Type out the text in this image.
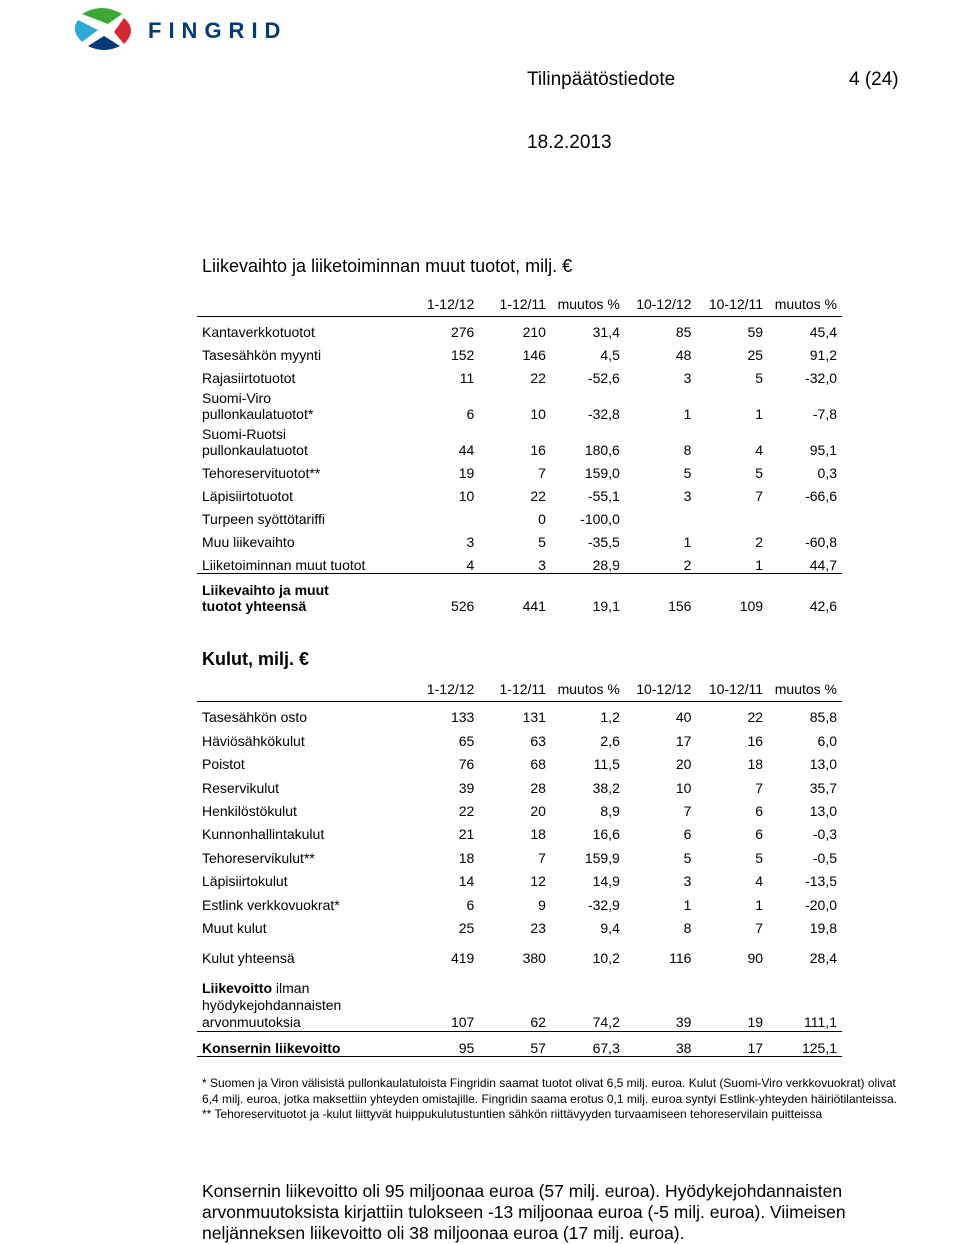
FINGRID
Tilinpäätöstiedote	4 (24)
18.2.2013
Liikevaihto ja liiketoiminnan muut tuotot, milj. €
	1-12/12	1-12/11	muutos %	10-12/12	10-12/11	muutos %
Kantaverkkotuotot	276	210	31,4	85	59	45,4
Tasesähkön myynti	152	146	4,5	48	25	91,2
Rajasiirtotuotot	11	22	-52,6	3	5	-32,0
Suomi-Viro
pullonkaulatuotot*	6	10	-32,8	1	1	-7,8
Suomi-Ruotsi
pullonkaulatuotot	44	16	180,6	8	4	95,1
Tehoreservituotot**	19	7	159,0	5	5	0,3
Läpisiirtotuotot	10	22	-55,1	3	7	-66,6
Turpeen syöttötariffi		0	-100,0			
Muu liikevaihto	3	5	-35,5	1	2	-60,8
Liiketoiminnan muut tuotot	4	3	28,9	2	1	44,7
Liikevaihto ja muut
tuotot yhteensä	526	441	19,1	156	109	42,6
Kulut, milj. €
	1-12/12	1-12/11	muutos %	10-12/12	10-12/11	muutos %
Tasesähkön osto	133	131	1,2	40	22	85,8
Häviösähkökulut	65	63	2,6	17	16	6,0
Poistot	76	68	11,5	20	18	13,0
Reservikulut	39	28	38,2	10	7	35,7
Henkilöstökulut	22	20	8,9	7	6	13,0
Kunnonhallintakulut	21	18	16,6	6	6	-0,3
Tehoreservikulut**	18	7	159,9	5	5	-0,5
Läpisiirtokulut	14	12	14,9	3	4	-13,5
Estlink verkkovuokrat*	6	9	-32,9	1	1	-20,0
Muut kulut	25	23	9,4	8	7	19,8
Kulut yhteensä	419	380	10,2	116	90	28,4

Liikevoitto ilman
hyödykejohdannaisten
arvonmuutoksia	107	62	74,2	39	19	111,1
Konsernin liikevoitto	95	57	67,3	38	17	125,1
* Suomen ja Viron välisistä pullonkaulatuloista Fingridin saamat tuotot olivat 6,5 milj. euroa. Kulut (Suomi-Viro verkkovuokrat) olivat 6,4 milj. euroa, jotka maksettiin yhteyden omistajille. Fingridin saama erotus 0,1 milj. euroa syntyi Estlink-yhteyden häiriötilanteissa.
** Tehoreservituotot ja -kulut liittyvät huippukulutustuntien sähkön riittävyyden turvaamiseen tehoreservilain puitteissa
Konsernin liikevoitto oli 95 miljoonaa euroa (57 milj. euroa). Hyödykejohdannaisten arvonmuutoksista kirjattiin tulokseen -13 miljoonaa euroa (-5 milj. euroa). Viimeisen neljänneksen liikevoitto oli 38 miljoonaa euroa (17 milj. euroa).
